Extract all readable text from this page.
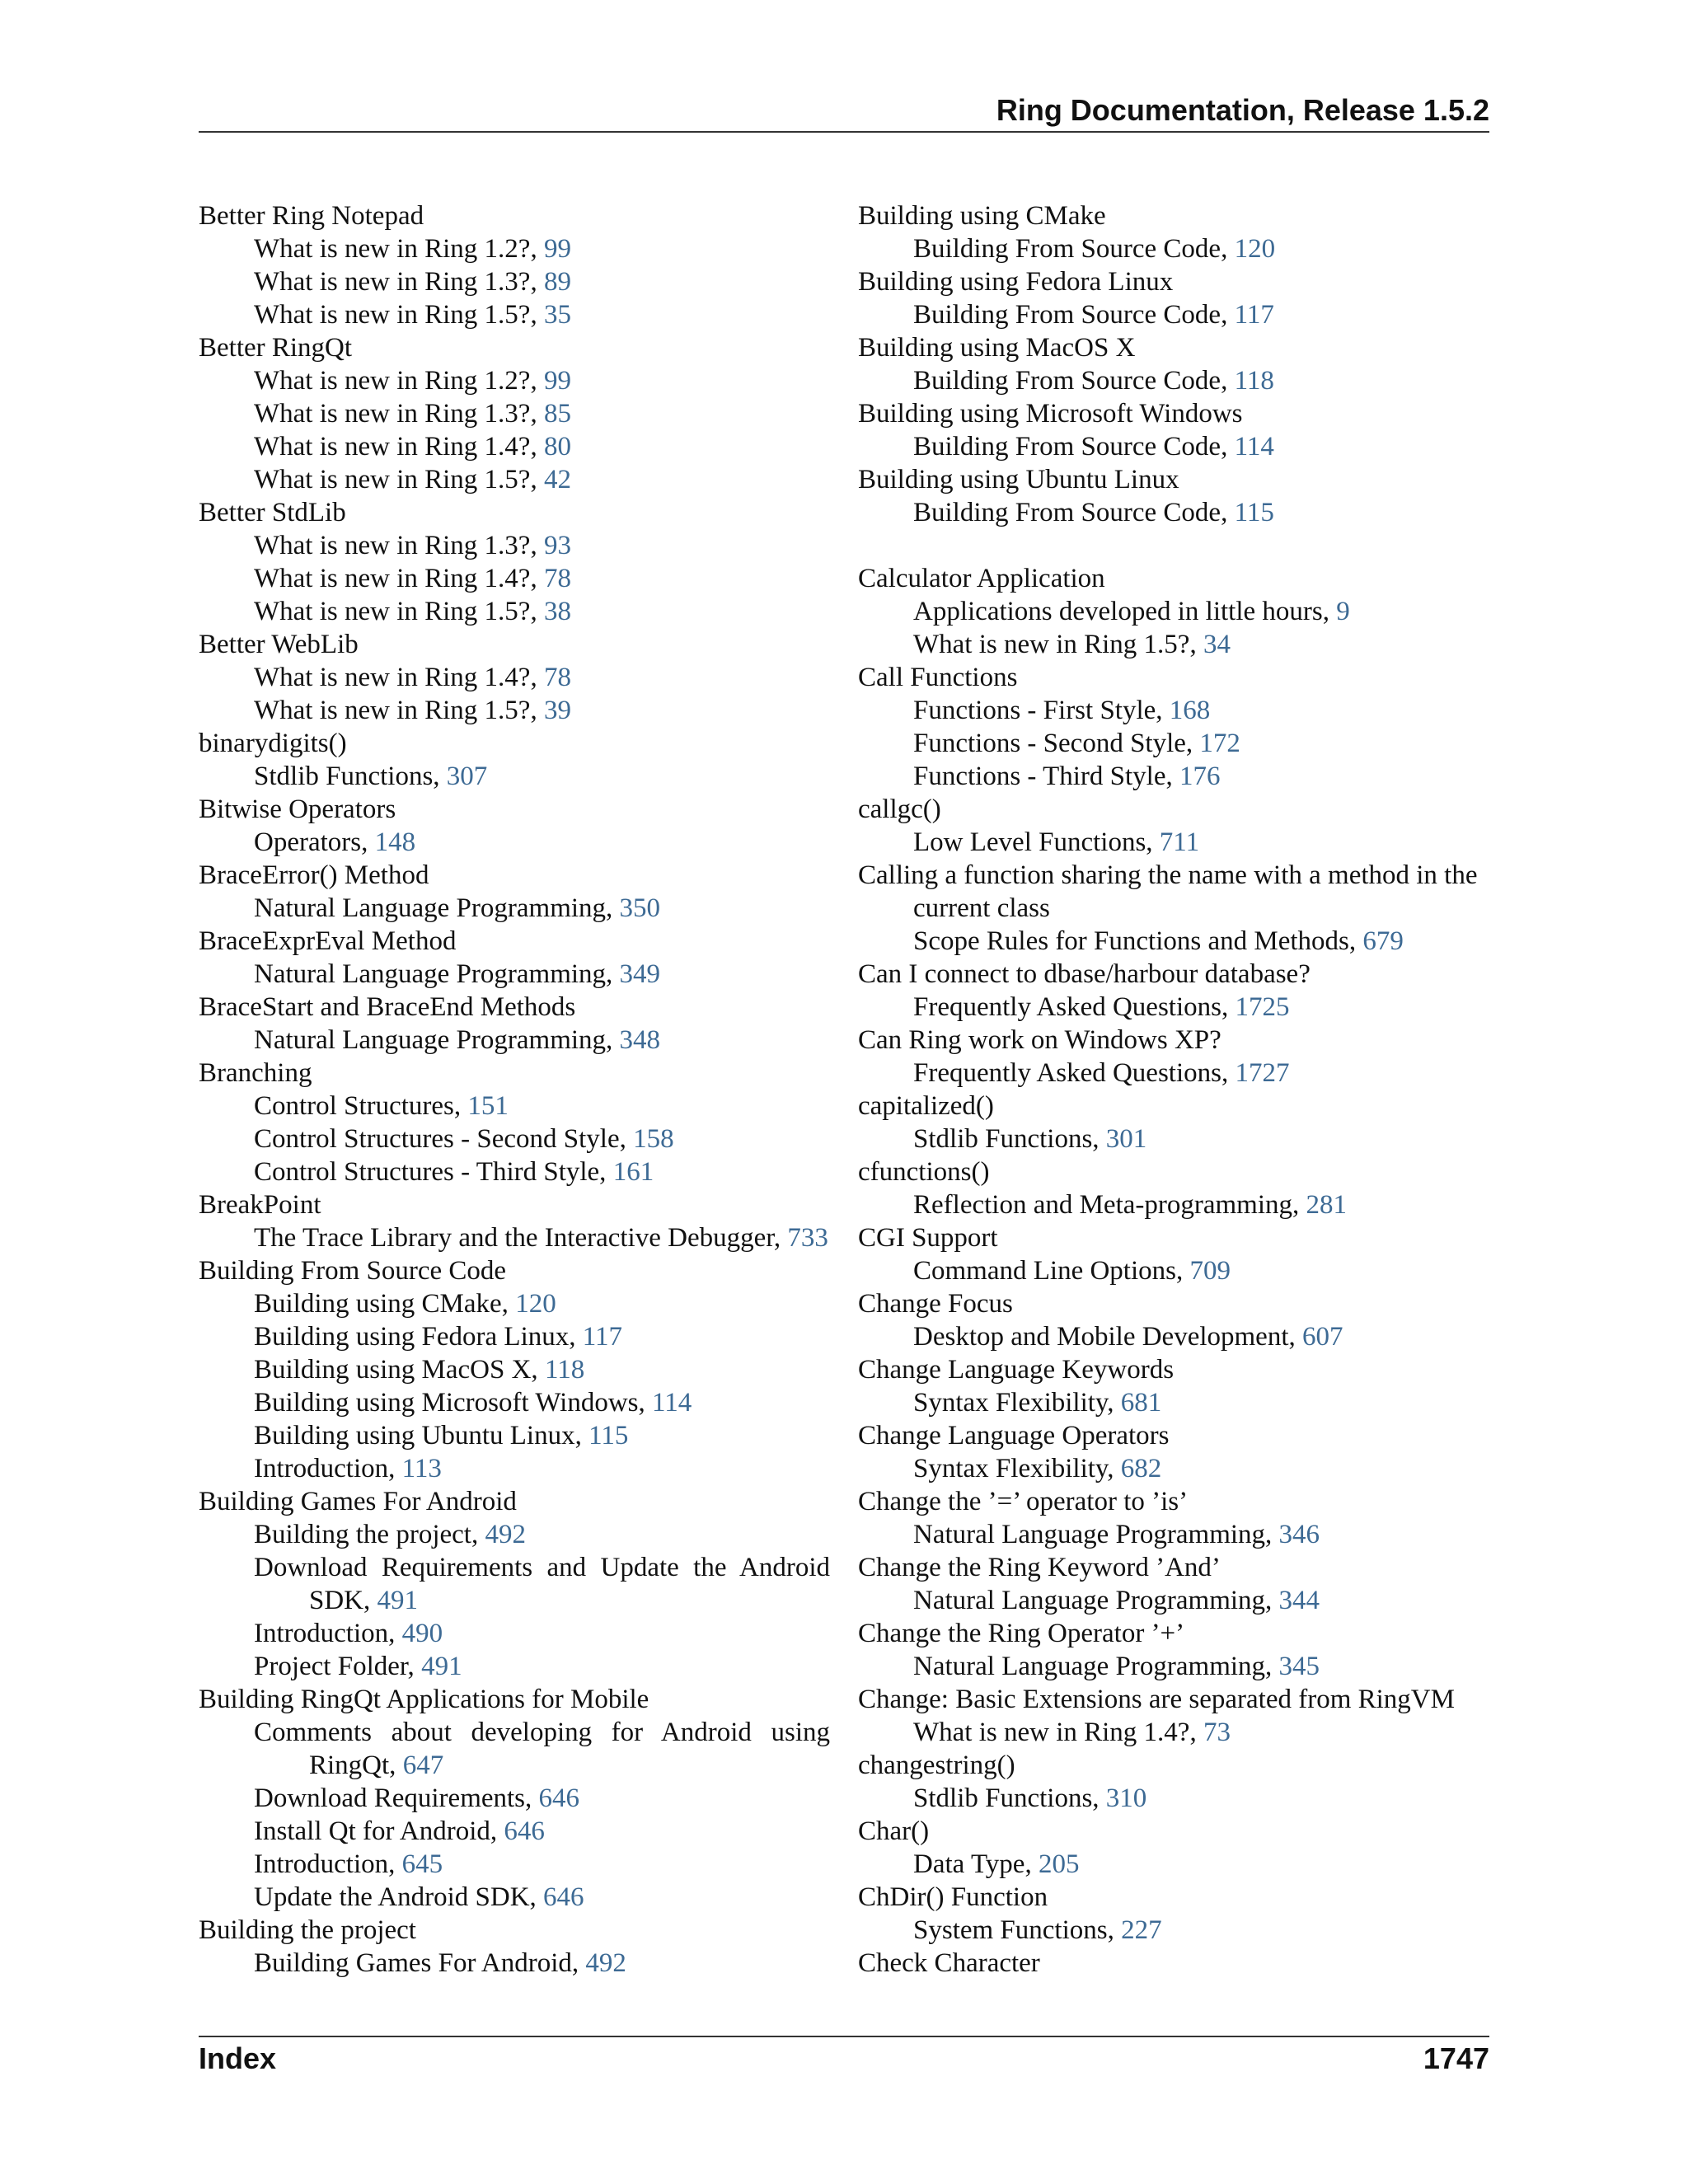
Ring Documentation, Release 1.5.2
Better Ring Notepad
What is new in Ring 1.2?, 99
What is new in Ring 1.3?, 89
What is new in Ring 1.5?, 35
Better RingQt
What is new in Ring 1.2?, 99
What is new in Ring 1.3?, 85
What is new in Ring 1.4?, 80
What is new in Ring 1.5?, 42
Better StdLib
What is new in Ring 1.3?, 93
What is new in Ring 1.4?, 78
What is new in Ring 1.5?, 38
Better WebLib
What is new in Ring 1.4?, 78
What is new in Ring 1.5?, 39
binarydigits()
Stdlib Functions, 307
Bitwise Operators
Operators, 148
BraceError() Method
Natural Language Programming, 350
BraceExprEval Method
Natural Language Programming, 349
BraceStart and BraceEnd Methods
Natural Language Programming, 348
Branching
Control Structures, 151
Control Structures - Second Style, 158
Control Structures - Third Style, 161
BreakPoint
The Trace Library and the Interactive Debugger, 733
Building From Source Code
Building using CMake, 120
Building using Fedora Linux, 117
Building using MacOS X, 118
Building using Microsoft Windows, 114
Building using Ubuntu Linux, 115
Introduction, 113
Building Games For Android
Building the project, 492
Download Requirements and Update the Android SDK, 491
Introduction, 490
Project Folder, 491
Building RingQt Applications for Mobile
Comments about developing for Android using RingQt, 647
Download Requirements, 646
Install Qt for Android, 646
Introduction, 645
Update the Android SDK, 646
Building the project
Building Games For Android, 492
Building using CMake
Building From Source Code, 120
Building using Fedora Linux
Building From Source Code, 117
Building using MacOS X
Building From Source Code, 118
Building using Microsoft Windows
Building From Source Code, 114
Building using Ubuntu Linux
Building From Source Code, 115
Calculator Application
Applications developed in little hours, 9
What is new in Ring 1.5?, 34
Call Functions
Functions - First Style, 168
Functions - Second Style, 172
Functions - Third Style, 176
callgc()
Low Level Functions, 711
Calling a function sharing the name with a method in the current class
Scope Rules for Functions and Methods, 679
Can I connect to dbase/harbour database?
Frequently Asked Questions, 1725
Can Ring work on Windows XP?
Frequently Asked Questions, 1727
capitalized()
Stdlib Functions, 301
cfunctions()
Reflection and Meta-programming, 281
CGI Support
Command Line Options, 709
Change Focus
Desktop and Mobile Development, 607
Change Language Keywords
Syntax Flexibility, 681
Change Language Operators
Syntax Flexibility, 682
Change the ’=’ operator to ’is’
Natural Language Programming, 346
Change the Ring Keyword ’And’
Natural Language Programming, 344
Change the Ring Operator ’+’
Natural Language Programming, 345
Change: Basic Extensions are separated from RingVM
What is new in Ring 1.4?, 73
changestring()
Stdlib Functions, 310
Char()
Data Type, 205
ChDir() Function
System Functions, 227
Check Character
Index	1747
